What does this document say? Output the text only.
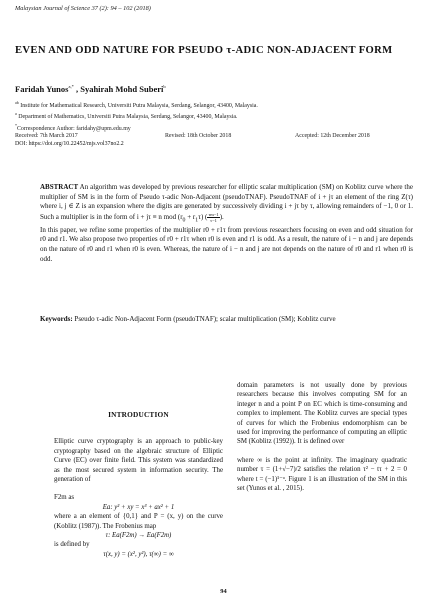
Malaysian Journal of Science 37 (2): 94 – 102 (2018)
EVEN AND ODD NATURE FOR PSEUDO τ-ADIC NON-ADJACENT FORM
Faridah Yunos$^{a,*}$ , Syahirah Mohd Suberi$^b$
$^{ab}$ Institute for Mathematical Research, Universiti Putra Malaysia, Serdang, Selangor, 43400, Malaysia.
$^a$ Department of Mathematics, Universiti Putra Malaysia, Serdang, Selangor, 43400, Malaysia.
*Correspondence Author: faridahy@upm.edu.my
Received: 7th March 2017	Revised: 18th October 2018	Accepted: 12th December 2018
DOI: https://doi.org/10.22452/mjs.vol37no2.2
ABSTRACT An algorithm was developed by previous researcher for elliptic scalar multiplication (SM) on Koblitz curve where the multiplier of SM is in the form of Pseudo τ-adic Non-Adjacent (pseudoTNAF). PseudoTNAF of i + jτ an element of the ring Z(τ) where i, j ∈ Z is an expansion where the digits are generated by successively dividing i + jτ by τ, allowing remainders of −1, 0 or 1. Such a multiplier is in the form of i + jτ ≡ n mod $(r_0 + r_1\tau)$ ( $\frac{\tau m-1}{\tau-1}$ ).
In this paper, we refine some properties of the multiplier r0 + r1τ from previous researchers focusing on even and odd situation for r0 and r1. We also propose two properties of r0 + r1τ when r0 is even and r1 is odd. As a result, the nature of i − n and j are depends on the nature of r0 and r1 when r0 is even. Whereas, the nature of i − n and j are not depends on the nature of r0 and r1 when r0 is odd.
Keywords: Pseudo τ-adic Non-Adjacent Form (pseudoTNAF); scalar multiplication (SM); Koblitz curve
INTRODUCTION
Elliptic curve cryptography is an approach to public-key cryptography based on the algebraic structure of Elliptic Curve (EC) over finite field. This system was standardized as the most secured system in information security. The generation of
F2m as
Ea: y² + xy = x³ + ax² + 1
where a an element of {0,1} and P = (x, y) on the curve (Koblitz (1987)). The Frobenius map
τ: Ea(F2m) → Ea(F2m)
is defined by
τ(x, y) = (x², y²), τ(∞) = ∞
domain parameters is not usually done by previous researchers because this involves computing SM for an integer n and a point P on EC which is time-consuming and complex to implement. The Koblitz curves are special types of curves for which the Frobenius endomorphism can be used for improving the performance of computing an elliptic SM (Koblitz (1992)). It is defined over
where ∞ is the point at infinity. The imaginary quadratic number τ = (1+√−7)/2 satisfies the relation τ² − tτ + 2 = 0 where t = (−1)¹⁻ᵃ. Figure 1 is an illustration of the SM in this set (Yunos et al. , 2015).
94
